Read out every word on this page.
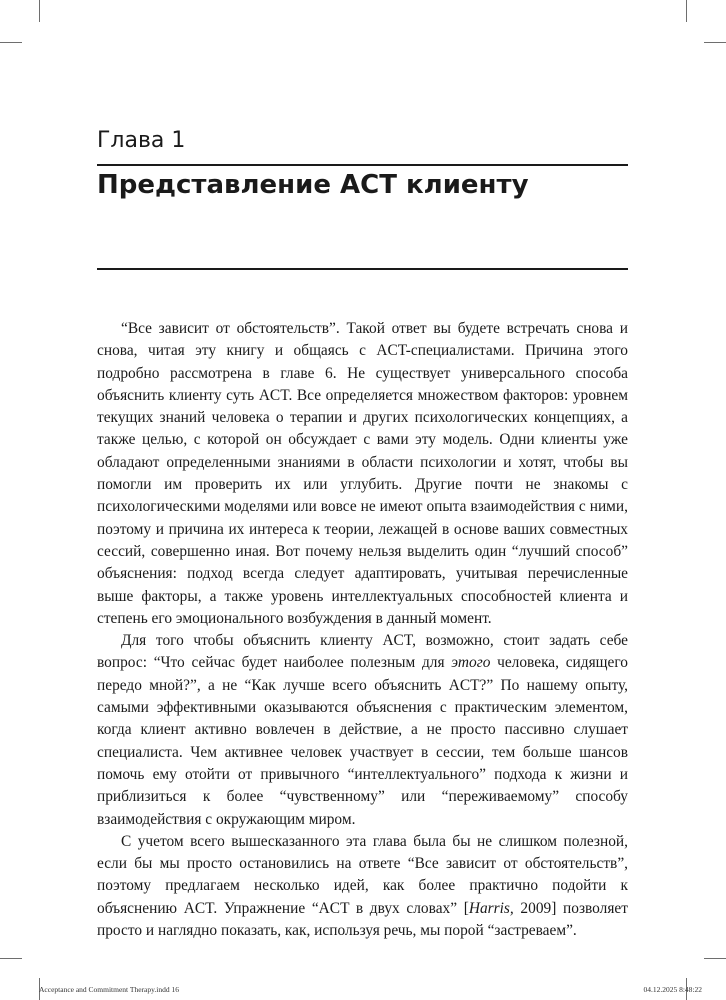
Глава 1
Представление ACT клиенту

“Все зависит от обстоятельств”. Такой ответ вы будете встречать снова и снова, читая эту книгу и общаясь с ACT-специалистами. Причина этого подробно рассмотрена в главе 6. Не существует универсального способа объяснить клиенту суть ACT. Все определяется множеством факторов: уровнем текущих знаний человека о терапии и других психологических концепциях, а также целью, с которой он обсуждает с вами эту модель. Одни клиенты уже обладают определенными знаниями в области психологии и хотят, чтобы вы помогли им проверить их или углубить. Другие почти не знакомы с психологическими моделями или вовсе не имеют опыта взаимодействия с ними, поэтому и причина их интереса к теории, лежащей в основе ваших совместных сессий, совершенно иная. Вот почему нельзя выделить один “лучший способ” объяснения: подход всегда следует адаптировать, учитывая перечисленные выше факторы, а также уровень интеллектуальных способностей клиента и степень его эмоционального возбуждения в данный момент.

Для того чтобы объяснить клиенту ACT, возможно, стоит задать себе вопрос: “Что сейчас будет наиболее полезным для этого человека, сидящего передо мной?”, а не “Как лучше всего объяснить ACT?” По нашему опыту, самыми эффективными оказываются объяснения с практическим элементом, когда клиент активно вовлечен в действие, а не просто пассивно слушает специалиста. Чем активнее человек участвует в сессии, тем больше шансов помочь ему отойти от привычного “интеллектуального” подхода к жизни и приблизиться к более “чувственному” или “переживаемому” способу взаимодействия с окружающим миром.

С учетом всего вышесказанного эта глава была бы не слишком полезной, если бы мы просто остановились на ответе “Все зависит от обстоятельств”, поэтому предлагаем несколько идей, как более практично подойти к объяснению ACT. Упражнение “ACT в двух словах” [Harris, 2009] позволяет просто и наглядно показать, как, используя речь, мы порой “застреваем”.

Acceptance and Commitment Therapy.indd 16	04.12.2025 8:48:22
